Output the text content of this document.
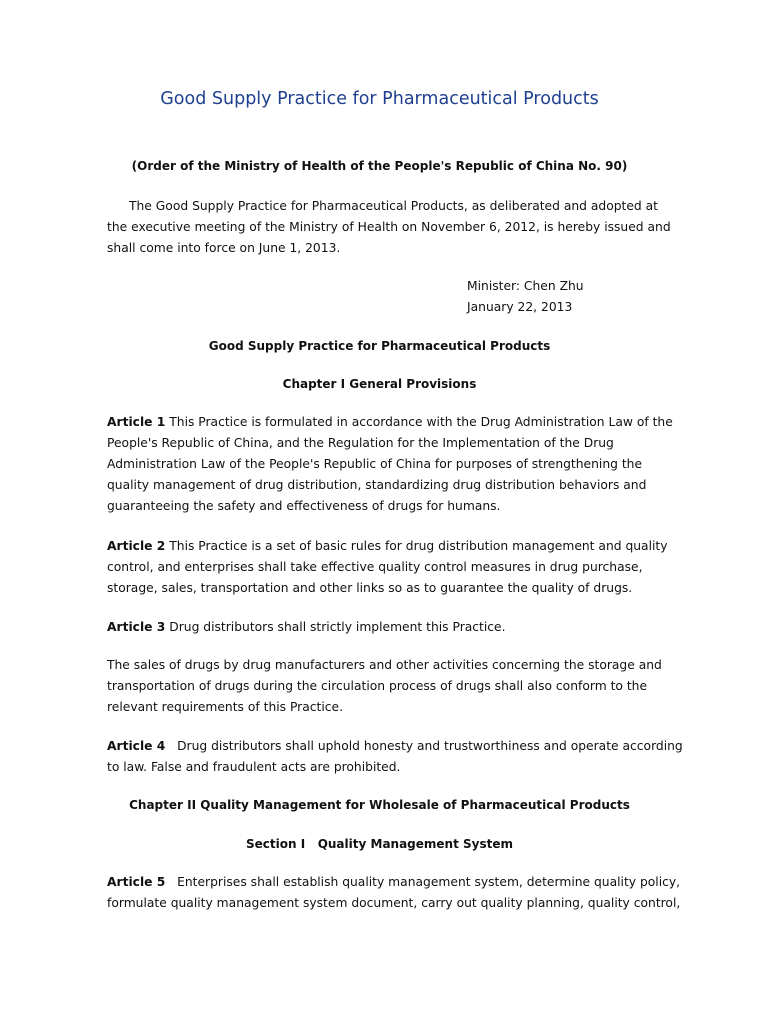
Good Supply Practice for Pharmaceutical Products

(Order of the Ministry of Health of the People's Republic of China No. 90)

The Good Supply Practice for Pharmaceutical Products, as deliberated and adopted at
the executive meeting of the Ministry of Health on November 6, 2012, is hereby issued and
shall come into force on June 1, 2013.

Minister: Chen Zhu

January 22, 2013

Good Supply Practice for Pharmaceutical Products

Chapter I General Provisions

Article 1 This Practice is formulated in accordance with the Drug Administration Law of the
People's Republic of China, and the Regulation for the Implementation of the Drug
Administration Law of the People's Republic of China for purposes of strengthening the
quality management of drug distribution, standardizing drug distribution behaviors and
guaranteeing the safety and effectiveness of drugs for humans.

Article 2 This Practice is a set of basic rules for drug distribution management and quality
control, and enterprises shall take effective quality control measures in drug purchase,
storage, sales, transportation and other links so as to guarantee the quality of drugs.

Article 3 Drug distributors shall strictly implement this Practice.

The sales of drugs by drug manufacturers and other activities concerning the storage and
transportation of drugs during the circulation process of drugs shall also conform to the
relevant requirements of this Practice.

Article 4   Drug distributors shall uphold honesty and trustworthiness and operate according
to law. False and fraudulent acts are prohibited.

Chapter II Quality Management for Wholesale of Pharmaceutical Products

Section I   Quality Management System

Article 5   Enterprises shall establish quality management system, determine quality policy,
formulate quality management system document, carry out quality planning, quality control,
